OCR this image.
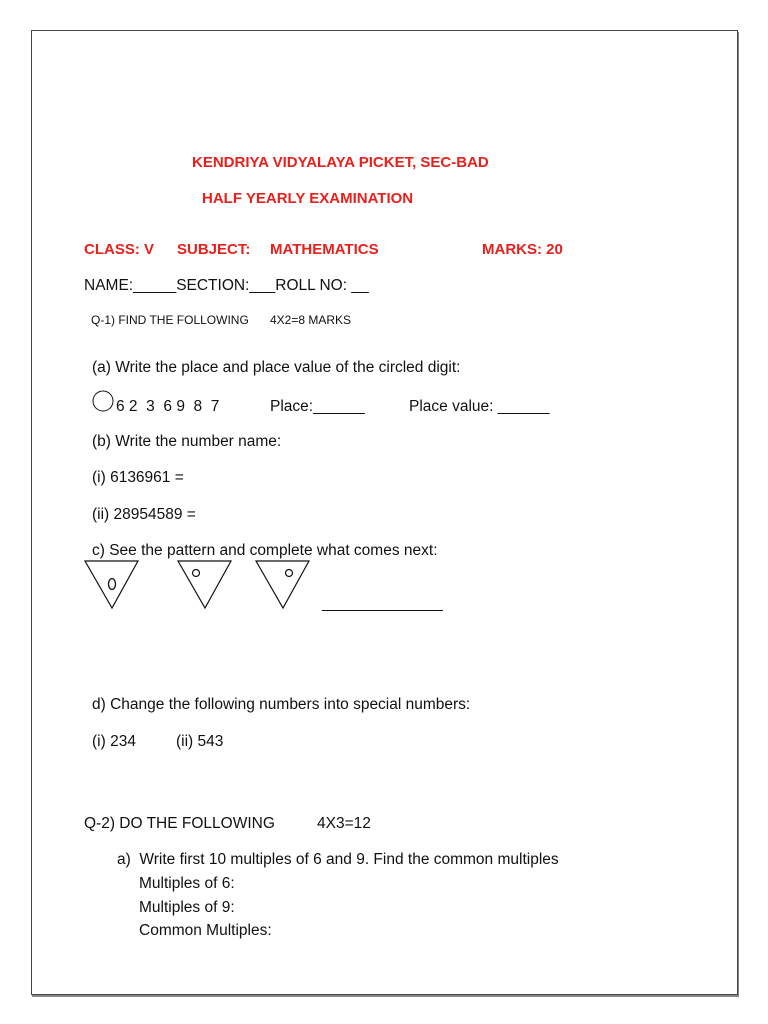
KENDRIYA VIDYALAYA PICKET, SEC-BAD
HALF YEARLY EXAMINATION
CLASS: V SUBJECT: MATHEMATICS	MARKS: 20
NAME:_____SECTION:___ROLL NO: __
Q-1) FIND THE FOLLOWING 4X2=8 MARKS
(a) Write the place and place value of the circled digit:
6 2  3  6 9  8  7	Place:______	Place value: ______
(b) Write the number name:
(i) 6136961 =
(ii) 28954589 =
c) See the pattern and complete what comes next:
______________
d) Change the following numbers into special numbers:
(i) 234	(ii) 543
Q-2) DO THE FOLLOWING	4X3=12
a)  Write first 10 multiples of 6 and 9. Find the common multiples
Multiples of 6:
Multiples of 9:
Common Multiples:
